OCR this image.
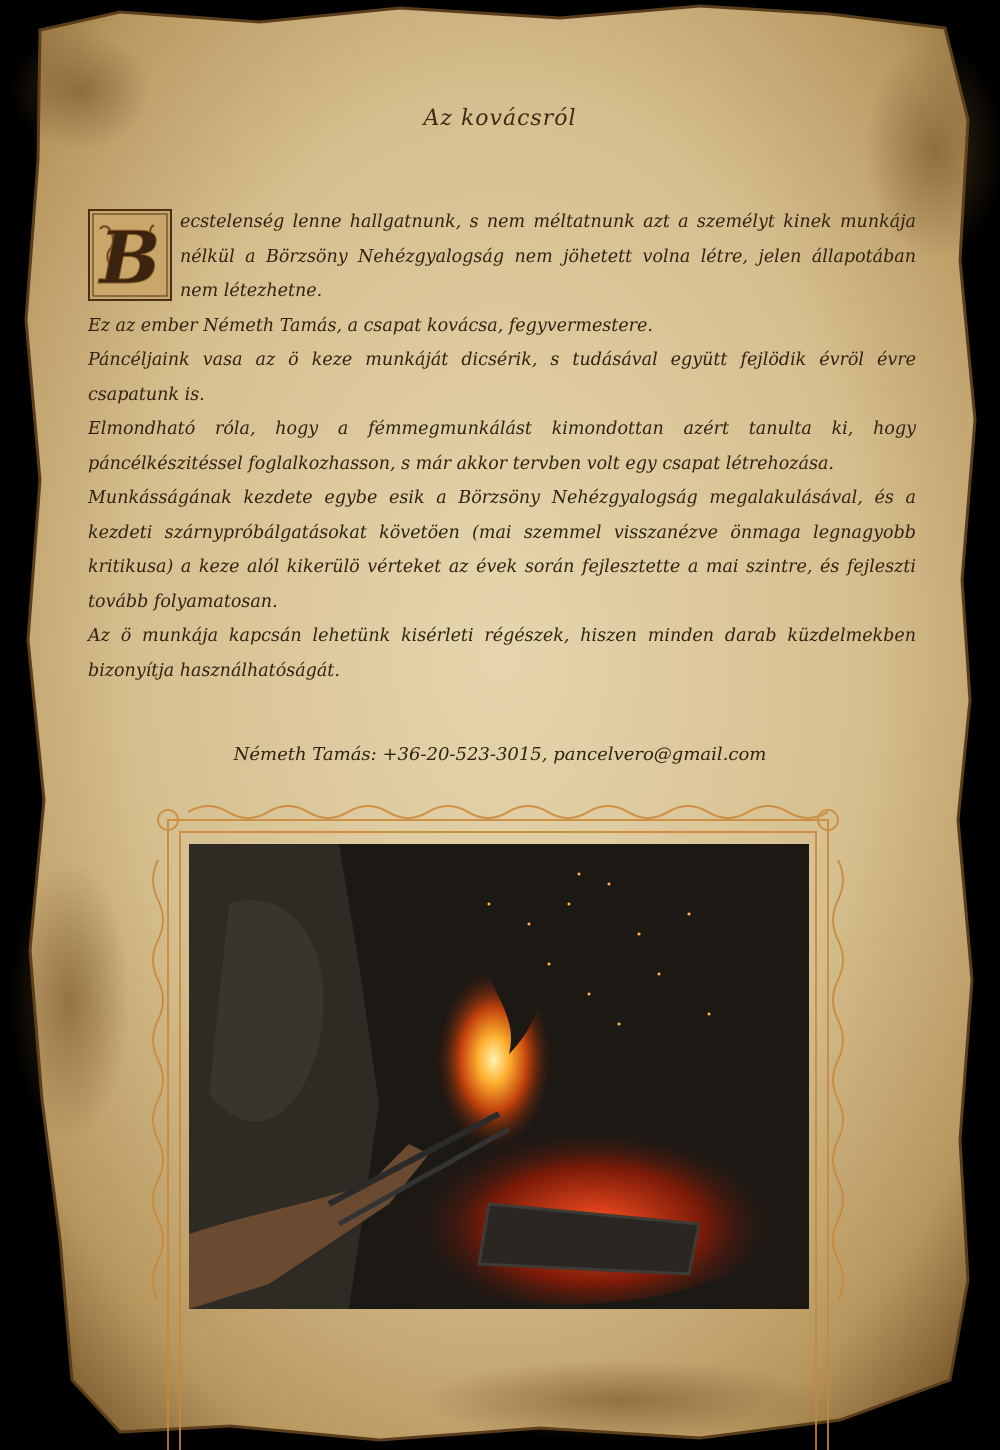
Az kovácsról

B ecstelenség lenne hallgatnunk, s nem méltatnunk azt a személyt kinek munkája nélkül a Börzsöny Nehézgyalogság nem jöhetett volna létre, jelen állapotában nem létezhetne.

Ez az ember Németh Tamás, a csapat kovácsa, fegyvermestere.

Páncéljaink vasa az ö keze munkáját dicsérik, s tudásával együtt fejlödik évröl évre csapatunk is.

Elmondható róla, hogy a fémmegmunkálást kimondottan azért tanulta ki, hogy páncélkészitéssel foglalkozhasson, s már akkor tervben volt egy csapat létrehozása.

Munkásságának kezdete egybe esik a Börzsöny Nehézgyalogság megalakulásával, és a kezdeti szárnypróbálgatásokat követöen (mai szemmel visszanézve önmaga legnagyobb kritikusa) a keze alól kikerülö vérteket az évek során fejlesztette a mai szintre, és fejleszti tovább folyamatosan.

Az ö munkája kapcsán lehetünk kisérleti régészek, hiszen minden darab küzdelmekben bizonyítja használhatóságát.

Németh Tamás: +36-20-523-3015, pancelvero@gmail.com
